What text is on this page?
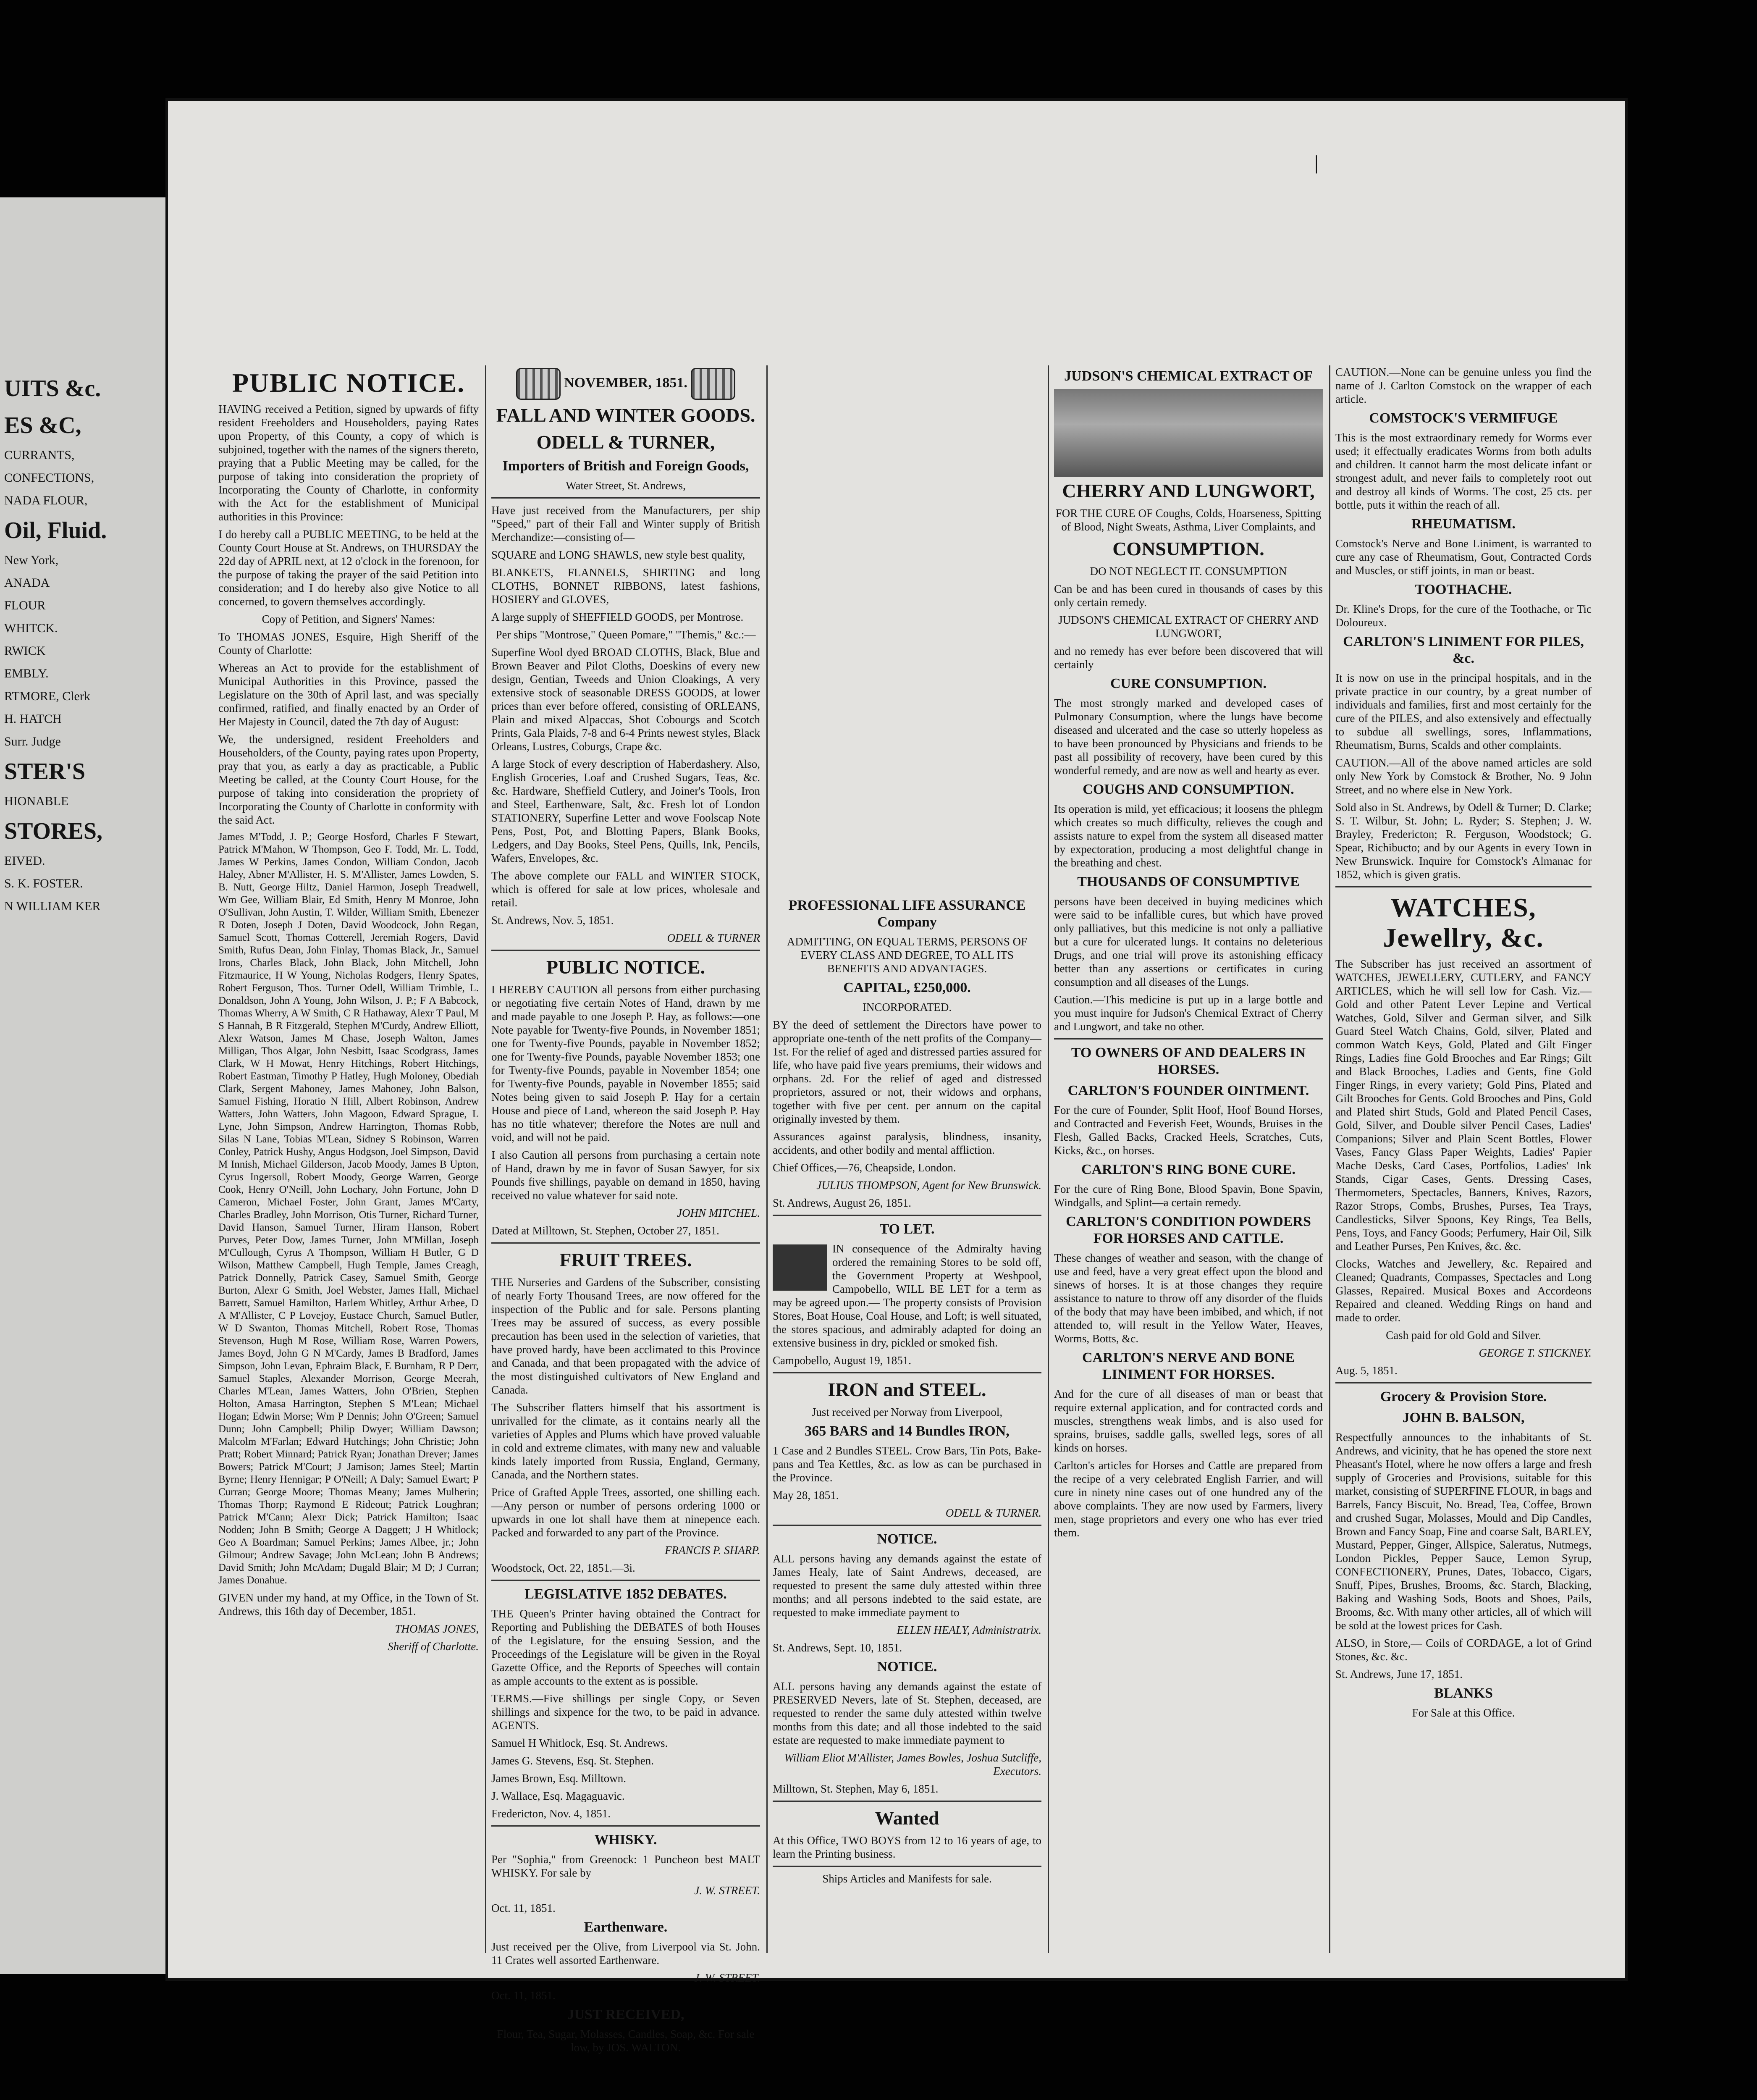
UITS &c.

ES &C,

CURRANTS,

CONFECTIONS,

NADA FLOUR,

Oil, Fluid.

New York,

ANADA

FLOUR

WHITCK.

RWICK

EMBLY.

RTMORE, Clerk

H. HATCH

Surr. Judge

STER'S

HIONABLE

STORES,

EIVED.

S. K. FOSTER.

N WILLIAM KER

|
PUBLIC NOTICE.

HAVING received a Petition, signed by upwards of fifty resident Freeholders and Householders, paying Rates upon Property, of this County, a copy of which is subjoined, together with the names of the signers thereto, praying that a Public Meeting may be called, for the purpose of taking into consideration the propriety of Incorporating the County of Charlotte, in conformity with the Act for the establishment of Municipal authorities in this Province:

I do hereby call a PUBLIC MEETING, to be held at the County Court House at St. Andrews, on THURSDAY the 22d day of APRIL next, at 12 o'clock in the forenoon, for the purpose of taking the prayer of the said Petition into consideration; and I do hereby also give Notice to all concerned, to govern themselves accordingly.

Copy of Petition, and Signers' Names:

To THOMAS JONES, Esquire, High Sheriff of the County of Charlotte:

Whereas an Act to provide for the establishment of Municipal Authorities in this Province, passed the Legislature on the 30th of April last, and was specially confirmed, ratified, and finally enacted by an Order of Her Majesty in Council, dated the 7th day of August:

We, the undersigned, resident Freeholders and Householders, of the County, paying rates upon Property, pray that you, as early a day as practicable, a Public Meeting be called, at the County Court House, for the purpose of taking into consideration the propriety of Incorporating the County of Charlotte in conformity with the said Act.

James M'Todd, J. P.; George Hosford, Charles F Stewart, Patrick M'Mahon, W Thompson, Geo F. Todd, Mr. L. Todd, James W Perkins, James Condon, William Condon, Jacob Haley, Abner M'Allister, H. S. M'Allister, James Lowden, S. B. Nutt, George Hiltz, Daniel Harmon, Joseph Treadwell, Wm Gee, William Blair, Ed Smith, Henry M Monroe, John O'Sullivan, John Austin, T. Wilder, William Smith, Ebenezer R Doten, Joseph J Doten, David Woodcock, John Regan, Samuel Scott, Thomas Cotterell, Jeremiah Rogers, David Smith, Rufus Dean, John Finlay, Thomas Black, Jr., Samuel Irons, Charles Black, John Black, John Mitchell, John Fitzmaurice, H W Young, Nicholas Rodgers, Henry Spates, Robert Ferguson, Thos. Turner Odell, William Trimble, L. Donaldson, John A Young, John Wilson, J. P.; F A Babcock, Thomas Wherry, A W Smith, C R Hathaway, Alexr T Paul, M S Hannah, B R Fitzgerald, Stephen M'Curdy, Andrew Elliott, Alexr Watson, James M Chase, Joseph Walton, James Milligan, Thos Algar, John Nesbitt, Isaac Scodgrass, James Clark, W H Mowat, Henry Hitchings, Robert Hitchings, Robert Eastman, Timothy P Hatley, Hugh Moloney, Obediah Clark, Sergent Mahoney, James Mahoney, John Balson, Samuel Fishing, Horatio N Hill, Albert Robinson, Andrew Watters, John Watters, John Magoon, Edward Sprague, L Lyne, John Simpson, Andrew Harrington, Thomas Robb, Silas N Lane, Tobias M'Lean, Sidney S Robinson, Warren Conley, Patrick Hushy, Angus Hodgson, Joel Simpson, David M Innish, Michael Gilderson, Jacob Moody, James B Upton, Cyrus Ingersoll, Robert Moody, George Warren, George Cook, Henry O'Neill, John Lochary, John Fortune, John D Cameron, Michael Foster, John Grant, James M'Carty, Charles Bradley, John Morrison, Otis Turner, Richard Turner, David Hanson, Samuel Turner, Hiram Hanson, Robert Purves, Peter Dow, James Turner, John M'Millan, Joseph M'Cullough, Cyrus A Thompson, William H Butler, G D Wilson, Matthew Campbell, Hugh Temple, James Creagh, Patrick Donnelly, Patrick Casey, Samuel Smith, George Burton, Alexr G Smith, Joel Webster, James Hall, Michael Barrett, Samuel Hamilton, Harlem Whitley, Arthur Arbee, D A M'Allister, C P Lovejoy, Eustace Church, Samuel Butler, W D Swanton, Thomas Mitchell, Robert Rose, Thomas Stevenson, Hugh M Rose, William Rose, Warren Powers, James Boyd, John G N M'Cardy, James B Bradford, James Simpson, John Levan, Ephraim Black, E Burnham, R P Derr, Samuel Staples, Alexander Morrison, George Meerah, Charles M'Lean, James Watters, John O'Brien, Stephen Holton, Amasa Harrington, Stephen S M'Lean; Michael Hogan; Edwin Morse; Wm P Dennis; John O'Green; Samuel Dunn; John Campbell; Philip Dwyer; William Dawson; Malcolm M'Farlan; Edward Hutchings; John Christie; John Pratt; Robert Minnard; Patrick Ryan; Jonathan Drever; James Bowers; Patrick M'Court; J Jamison; James Steel; Martin Byrne; Henry Hennigar; P O'Neill; A Daly; Samuel Ewart; P Curran; George Moore; Thomas Meany; James Mulherin; Thomas Thorp; Raymond E Rideout; Patrick Loughran; Patrick M'Cann; Alexr Dick; Patrick Hamilton; Isaac Nodden; John B Smith; George A Daggett; J H Whitlock; Geo A Boardman; Samuel Perkins; James Albee, jr.; John Gilmour; Andrew Savage; John McLean; John B Andrews; David Smith; John McAdam; Dugald Blair; M D; J Curran; James Donahue.

GIVEN under my hand, at my Office, in the Town of St. Andrews, this 16th day of December, 1851.

THOMAS JONES,

Sheriff of Charlotte.

NOVEMBER, 1851.
FALL AND WINTER GOODS.
ODELL & TURNER,
Importers of British and Foreign Goods,

Water Street, St. Andrews,

Have just received from the Manufacturers, per ship "Speed," part of their Fall and Winter supply of British Merchandize:—consisting of—

SQUARE and LONG SHAWLS, new style best quality,

BLANKETS, FLANNELS, SHIRTING and long CLOTHS, BONNET RIBBONS, latest fashions, HOSIERY and GLOVES,

A large supply of SHEFFIELD GOODS, per Montrose.

Per ships "Montrose," Queen Pomare," "Themis," &c.:—

Superfine Wool dyed BROAD CLOTHS, Black, Blue and Brown Beaver and Pilot Cloths, Doeskins of every new design, Gentian, Tweeds and Union Cloakings, A very extensive stock of seasonable DRESS GOODS, at lower prices than ever before offered, consisting of ORLEANS, Plain and mixed Alpaccas, Shot Cobourgs and Scotch Prints, Gala Plaids, 7-8 and 6-4 Prints newest styles, Black Orleans, Lustres, Coburgs, Crape &c.

A large Stock of every description of Haberdashery. Also, English Groceries, Loaf and Crushed Sugars, Teas, &c. &c. Hardware, Sheffield Cutlery, and Joiner's Tools, Iron and Steel, Earthenware, Salt, &c. Fresh lot of London STATIONERY, Superfine Letter and wove Foolscap Note Pens, Post, Pot, and Blotting Papers, Blank Books, Ledgers, and Day Books, Steel Pens, Quills, Ink, Pencils, Wafers, Envelopes, &c.

The above complete our FALL and WINTER STOCK, which is offered for sale at low prices, wholesale and retail.

St. Andrews, Nov. 5, 1851.

ODELL & TURNER

PUBLIC NOTICE.

I HEREBY CAUTION all persons from either purchasing or negotiating five certain Notes of Hand, drawn by me and made payable to one Joseph P. Hay, as follows:—one Note payable for Twenty-five Pounds, in November 1851; one for Twenty-five Pounds, payable in November 1852; one for Twenty-five Pounds, payable November 1853; one for Twenty-five Pounds, payable in November 1854; one for Twenty-five Pounds, payable in November 1855; said Notes being given to said Joseph P. Hay for a certain House and piece of Land, whereon the said Joseph P. Hay has no title whatever; therefore the Notes are null and void, and will not be paid.

I also Caution all persons from purchasing a certain note of Hand, drawn by me in favor of Susan Sawyer, for six Pounds five shillings, payable on demand in 1850, having received no value whatever for said note.

JOHN MITCHEL.

Dated at Milltown, St. Stephen, October 27, 1851.

FRUIT TREES.

THE Nurseries and Gardens of the Subscriber, consisting of nearly Forty Thousand Trees, are now offered for the inspection of the Public and for sale. Persons planting Trees may be assured of success, as every possible precaution has been used in the selection of varieties, that have proved hardy, have been acclimated to this Province and Canada, and that been propagated with the advice of the most distinguished cultivators of New England and Canada.

The Subscriber flatters himself that his assortment is unrivalled for the climate, as it contains nearly all the varieties of Apples and Plums which have proved valuable in cold and extreme climates, with many new and valuable kinds lately imported from Russia, England, Germany, Canada, and the Northern states.

Price of Grafted Apple Trees, assorted, one shilling each.—Any person or number of persons ordering 1000 or upwards in one lot shall have them at ninepence each. Packed and forwarded to any part of the Province.

FRANCIS P. SHARP.

Woodstock, Oct. 22, 1851.—3i.

LEGISLATIVE 1852 DEBATES.

THE Queen's Printer having obtained the Contract for Reporting and Publishing the DEBATES of both Houses of the Legislature, for the ensuing Session, and the Proceedings of the Legislature will be given in the Royal Gazette Office, and the Reports of Speeches will contain as ample accounts to the extent as is possible.

TERMS.—Five shillings per single Copy, or Seven shillings and sixpence for the two, to be paid in advance. AGENTS.

Samuel H Whitlock, Esq. St. Andrews.

James G. Stevens, Esq. St. Stephen.

James Brown, Esq. Milltown.

J. Wallace, Esq. Magaguavic.

Fredericton, Nov. 4, 1851.

WHISKY.

Per "Sophia," from Greenock: 1 Puncheon best MALT WHISKY. For sale by

J. W. STREET.

Oct. 11, 1851.

Earthenware.

Just received per the Olive, from Liverpool via St. John. 11 Crates well assorted Earthenware.

J. W. STREET.

Oct. 11, 1851.

JUST RECEIVED,

Flour, Tea, Sugar, Molasses, Candles, Soap, &c. For sale low, by JOS. WALTON.

PROFESSIONAL LIFE ASSURANCE Company

ADMITTING, ON EQUAL TERMS, PERSONS OF EVERY CLASS AND DEGREE, TO ALL ITS BENEFITS AND ADVANTAGES.

CAPITAL, £250,000.

INCORPORATED.

BY the deed of settlement the Directors have power to appropriate one-tenth of the nett profits of the Company— 1st. For the relief of aged and distressed parties assured for life, who have paid five years premiums, their widows and orphans. 2d. For the relief of aged and distressed proprietors, assured or not, their widows and orphans, together with five per cent. per annum on the capital originally invested by them.

Assurances against paralysis, blindness, insanity, accidents, and other bodily and mental affliction.

Chief Offices,—76, Cheapside, London.

JULIUS THOMPSON, Agent for New Brunswick.

St. Andrews, August 26, 1851.

TO LET.

IN consequence of the Admiralty having ordered the remaining Stores to be sold off, the Government Property at Weshpool, Campobello, WILL BE LET for a term as may be agreed upon.— The property consists of Provision Stores, Boat House, Coal House, and Loft; is well situated, the stores spacious, and admirably adapted for doing an extensive business in dry, pickled or smoked fish.

Campobello, August 19, 1851.

IRON and STEEL.

Just received per Norway from Liverpool,

365 BARS and 14 Bundles IRON,

1 Case and 2 Bundles STEEL. Crow Bars, Tin Pots, Bake-pans and Tea Kettles, &c. as low as can be purchased in the Province.

May 28, 1851.

ODELL & TURNER.

NOTICE.

ALL persons having any demands against the estate of James Healy, late of Saint Andrews, deceased, are requested to present the same duly attested within three months; and all persons indebted to the said estate, are requested to make immediate payment to

ELLEN HEALY, Administratrix.

St. Andrews, Sept. 10, 1851.

NOTICE.

ALL persons having any demands against the estate of PRESERVED Nevers, late of St. Stephen, deceased, are requested to render the same duly attested within twelve months from this date; and all those indebted to the said estate are requested to make immediate payment to

William Eliot M'Allister, James Bowles, Joshua Sutcliffe, Executors.

Milltown, St. Stephen, May 6, 1851.

Wanted

At this Office, TWO BOYS from 12 to 16 years of age, to learn the Printing business.

Ships Articles and Manifests for sale.

JUDSON'S CHEMICAL EXTRACT OF
CHERRY AND LUNGWORT,

FOR THE CURE OF Coughs, Colds, Hoarseness, Spitting of Blood, Night Sweats, Asthma, Liver Complaints, and

CONSUMPTION.

DO NOT NEGLECT IT. CONSUMPTION

Can be and has been cured in thousands of cases by this only certain remedy.

JUDSON'S CHEMICAL EXTRACT OF CHERRY AND LUNGWORT,

and no remedy has ever before been discovered that will certainly

CURE CONSUMPTION.

The most strongly marked and developed cases of Pulmonary Consumption, where the lungs have become diseased and ulcerated and the case so utterly hopeless as to have been pronounced by Physicians and friends to be past all possibility of recovery, have been cured by this wonderful remedy, and are now as well and hearty as ever.

COUGHS AND CONSUMPTION.

Its operation is mild, yet efficacious; it loosens the phlegm which creates so much difficulty, relieves the cough and assists nature to expel from the system all diseased matter by expectoration, producing a most delightful change in the breathing and chest.

THOUSANDS OF CONSUMPTIVE

persons have been deceived in buying medicines which were said to be infallible cures, but which have proved only palliatives, but this medicine is not only a palliative but a cure for ulcerated lungs. It contains no deleterious Drugs, and one trial will prove its astonishing efficacy better than any assertions or certificates in curing consumption and all diseases of the Lungs.

Caution.—This medicine is put up in a large bottle and you must inquire for Judson's Chemical Extract of Cherry and Lungwort, and take no other.

TO OWNERS OF AND DEALERS IN HORSES.
CARLTON'S FOUNDER OINTMENT.

For the cure of Founder, Split Hoof, Hoof Bound Horses, and Contracted and Feverish Feet, Wounds, Bruises in the Flesh, Galled Backs, Cracked Heels, Scratches, Cuts, Kicks, &c., on horses.

CARLTON'S RING BONE CURE.

For the cure of Ring Bone, Blood Spavin, Bone Spavin, Windgalls, and Splint—a certain remedy.

CARLTON'S CONDITION POWDERS FOR HORSES AND CATTLE.

These changes of weather and season, with the change of use and feed, have a very great effect upon the blood and sinews of horses. It is at those changes they require assistance to nature to throw off any disorder of the fluids of the body that may have been imbibed, and which, if not attended to, will result in the Yellow Water, Heaves, Worms, Botts, &c.

CARLTON'S NERVE AND BONE LINIMENT FOR HORSES.

And for the cure of all diseases of man or beast that require external application, and for contracted cords and muscles, strengthens weak limbs, and is also used for sprains, bruises, saddle galls, swelled legs, sores of all kinds on horses.

Carlton's articles for Horses and Cattle are prepared from the recipe of a very celebrated English Farrier, and will cure in ninety nine cases out of one hundred any of the above complaints. They are now used by Farmers, livery men, stage proprietors and every one who has ever tried them.

CAUTION.—None can be genuine unless you find the name of J. Carlton Comstock on the wrapper of each article.

COMSTOCK'S VERMIFUGE

This is the most extraordinary remedy for Worms ever used; it effectually eradicates Worms from both adults and children. It cannot harm the most delicate infant or strongest adult, and never fails to completely root out and destroy all kinds of Worms. The cost, 25 cts. per bottle, puts it within the reach of all.

RHEUMATISM.

Comstock's Nerve and Bone Liniment, is warranted to cure any case of Rheumatism, Gout, Contracted Cords and Muscles, or stiff joints, in man or beast.

TOOTHACHE.

Dr. Kline's Drops, for the cure of the Toothache, or Tic Doloureux.

CARLTON'S LINIMENT FOR PILES, &c.

It is now on use in the principal hospitals, and in the private practice in our country, by a great number of individuals and families, first and most certainly for the cure of the PILES, and also extensively and effectually to subdue all swellings, sores, Inflammations, Rheumatism, Burns, Scalds and other complaints.

CAUTION.—All of the above named articles are sold only New York by Comstock & Brother, No. 9 John Street, and no where else in New York.

Sold also in St. Andrews, by Odell & Turner; D. Clarke; S. T. Wilbur, St. John; L. Ryder; S. Stephen; J. W. Brayley, Fredericton; R. Ferguson, Woodstock; G. Spear, Richibucto; and by our Agents in every Town in New Brunswick. Inquire for Comstock's Almanac for 1852, which is given gratis.

WATCHES, Jewellry, &c.

The Subscriber has just received an assortment of WATCHES, JEWELLERY, CUTLERY, and FANCY ARTICLES, which he will sell low for Cash. Viz.— Gold and other Patent Lever Lepine and Vertical Watches, Gold, Silver and German silver, and Silk Guard Steel Watch Chains, Gold, silver, Plated and common Watch Keys, Gold, Plated and Gilt Finger Rings, Ladies fine Gold Brooches and Ear Rings; Gilt and Black Brooches, Ladies and Gents, fine Gold Finger Rings, in every variety; Gold Pins, Plated and Gilt Brooches for Gents. Gold Brooches and Pins, Gold and Plated shirt Studs, Gold and Plated Pencil Cases, Gold, Silver, and Double silver Pencil Cases, Ladies' Companions; Silver and Plain Scent Bottles, Flower Vases, Fancy Glass Paper Weights, Ladies' Papier Mache Desks, Card Cases, Portfolios, Ladies' Ink Stands, Cigar Cases, Gents. Dressing Cases, Thermometers, Spectacles, Banners, Knives, Razors, Razor Strops, Combs, Brushes, Purses, Tea Trays, Candlesticks, Silver Spoons, Key Rings, Tea Bells, Pens, Toys, and Fancy Goods; Perfumery, Hair Oil, Silk and Leather Purses, Pen Knives, &c. &c.

Clocks, Watches and Jewellery, &c. Repaired and Cleaned; Quadrants, Compasses, Spectacles and Long Glasses, Repaired. Musical Boxes and Accordeons Repaired and cleaned. Wedding Rings on hand and made to order.

Cash paid for old Gold and Silver.

GEORGE T. STICKNEY.

Aug. 5, 1851.

Grocery & Provision Store.
JOHN B. BALSON,

Respectfully announces to the inhabitants of St. Andrews, and vicinity, that he has opened the store next Pheasant's Hotel, where he now offers a large and fresh supply of Groceries and Provisions, suitable for this market, consisting of SUPERFINE FLOUR, in bags and Barrels, Fancy Biscuit, No. Bread, Tea, Coffee, Brown and crushed Sugar, Molasses, Mould and Dip Candles, Brown and Fancy Soap, Fine and coarse Salt, BARLEY, Mustard, Pepper, Ginger, Allspice, Saleratus, Nutmegs, London Pickles, Pepper Sauce, Lemon Syrup, CONFECTIONERY, Prunes, Dates, Tobacco, Cigars, Snuff, Pipes, Brushes, Brooms, &c. Starch, Blacking, Baking and Washing Sods, Boots and Shoes, Pails, Brooms, &c. With many other articles, all of which will be sold at the lowest prices for Cash.

ALSO, in Store,— Coils of CORDAGE, a lot of Grind Stones, &c. &c.

St. Andrews, June 17, 1851.

BLANKS

For Sale at this Office.
